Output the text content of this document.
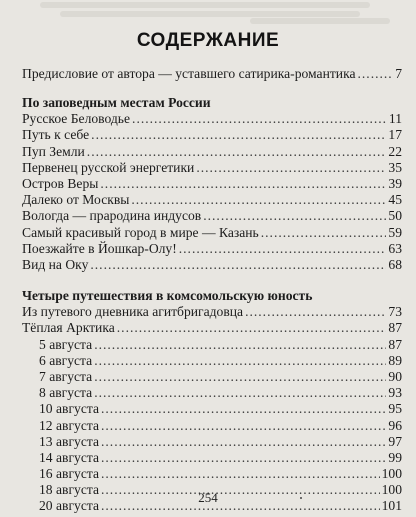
СОДЕРЖАНИЕ
Предисловие от автора — уставшего сатирика-романтика . . .	7
По заповедным местам России
Русское Беловодье . . .	11
Путь к себе . . .	17
Пуп Земли . . .	22
Первенец русской энергетики . . .	35
Остров Веры . . .	39
Далеко от Москвы . . .	45
Вологда — прародина индусов . . .	50
Самый красивый город в мире — Казань . . .	59
Поезжайте в Йошкар-Олу! . . .	63
Вид на Оку . . .	68
Четыре путешествия в комсомольскую юность
Из путевого дневника агитбригадовца . . .	73
Тёплая Арктика . . .	87
5 августа . . .	87
6 августа . . .	89
7 августа . . .	90
8 августа . . .	93
10 августа . . .	95
12 августа . . .	96
13 августа . . .	97
14 августа . . .	99
16 августа . . .	100
18 августа . . .	100
20 августа . . .	101
254
